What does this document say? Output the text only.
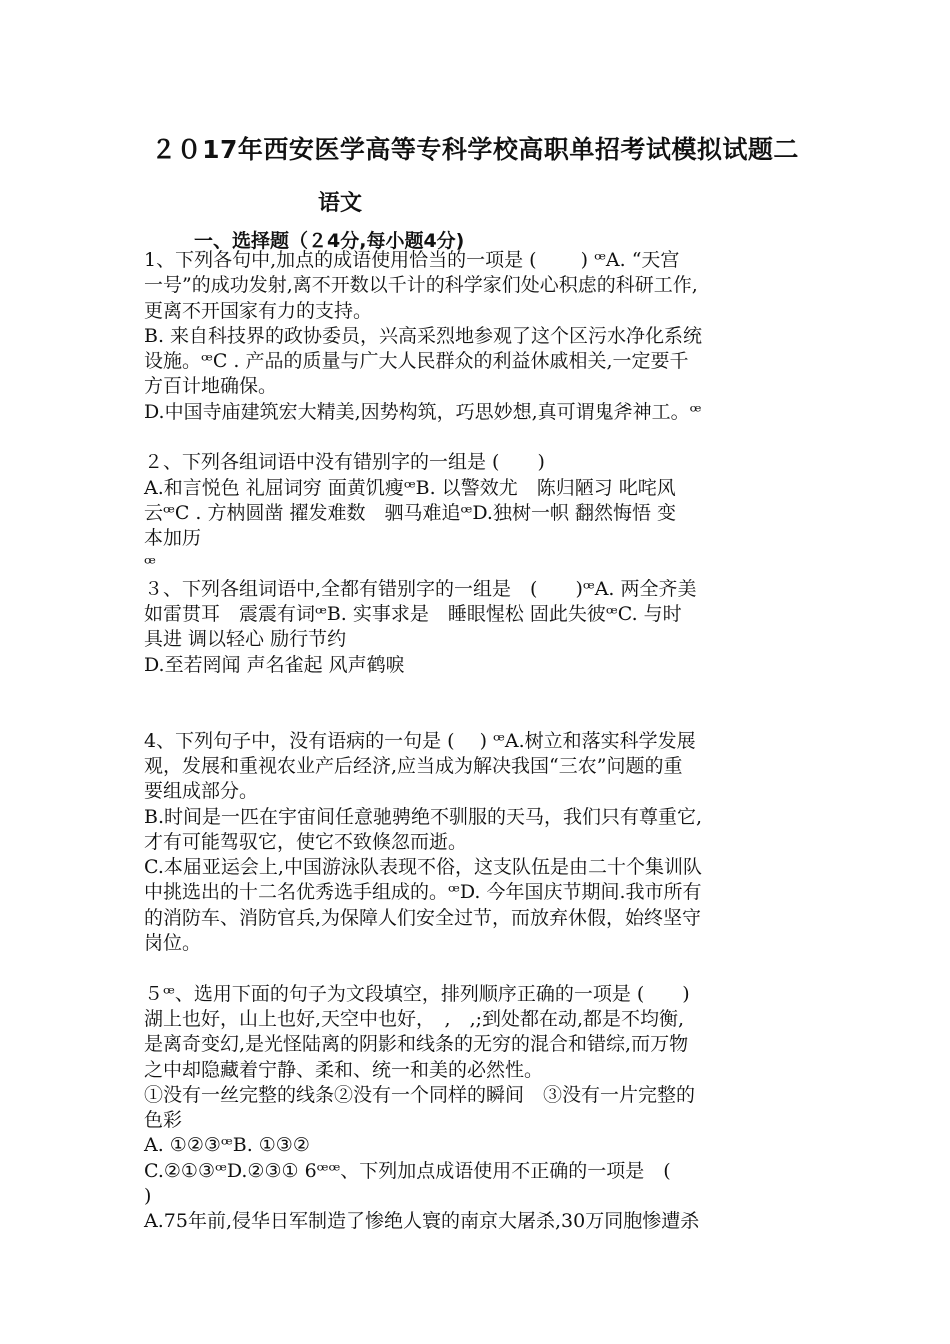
２０17年西安医学高等专科学校高职单招考试模拟试题二
语文
一、选择题（２4分,每小题4分)
1、下列各句中,加点的成语使用恰当的一项是 (　　 ) ꟹA. “天宫
一号”的成功发射,离不开数以千计的科学家们处心积虑的科研工作,
更离不开国家有力的支持。
B. 来自科技界的政协委员，兴高采烈地参观了这个区污水净化系统
设施。ꟹC . 产品的质量与广大人民群众的利益休戚相关,一定要千
方百计地确保。
D.中国寺庙建筑宏大精美,因势构筑，巧思妙想,真可谓鬼斧神工。ꟹ
２、下列各组词语中没有错别字的一组是 (　　)
A.和言悦色 礼屈词穷 面黄饥瘦ꟹB. 以警效尤　陈归陋习 叱咤风
云ꟹC . 方枘圆凿 擢发难数　驷马难追ꟹD.独树一帜 翻然悔悟 变
本加历
ꟹ
３、下列各组词语中,全都有错别字的一组是　(　　)ꟹA. 两全齐美
如雷贯耳　震震有词ꟹB. 实事求是　睡眼惺松 固此失彼ꟹC. 与时
具进 调以轻心 励行节约
D.至若罔闻 声名雀起 风声鹤唳
4、下列句子中，没有语病的一句是 (　 ) ꟹA.树立和落实科学发展
观，发展和重视农业产后经济,应当成为解决我国“三农”问题的重
要组成部分。
B.时间是一匹在宇宙间任意驰骋绝不驯服的天马，我们只有尊重它,
才有可能驾驭它，使它不致倏忽而逝。
C.本届亚运会上,中国游泳队表现不俗，这支队伍是由二十个集训队
中挑选出的十二名优秀选手组成的。ꟹD. 今年国庆节期间.我市所有
的消防车、消防官兵,为保障人们安全过节，而放弃休假，始终坚守
岗位。
５ꟹ、选用下面的句子为文段填空，排列顺序正确的一项是 (　　)
湖上也好，山上也好,天空中也好，　,　,;到处都在动,都是不均衡,
是离奇变幻,是光怪陆离的阴影和线条的无穷的混合和错综,而万物
之中却隐藏着宁静、柔和、统一和美的必然性。
①没有一丝完整的线条②没有一个同样的瞬间　③没有一片完整的
色彩
A. ①②③ꟹB. ①③②
C.②①③ꟹD.②③① 6ꟹꟹ、下列加点成语使用不正确的一项是　(
)
A.75年前,侵华日军制造了惨绝人寰的南京大屠杀,30万同胞惨遭杀
